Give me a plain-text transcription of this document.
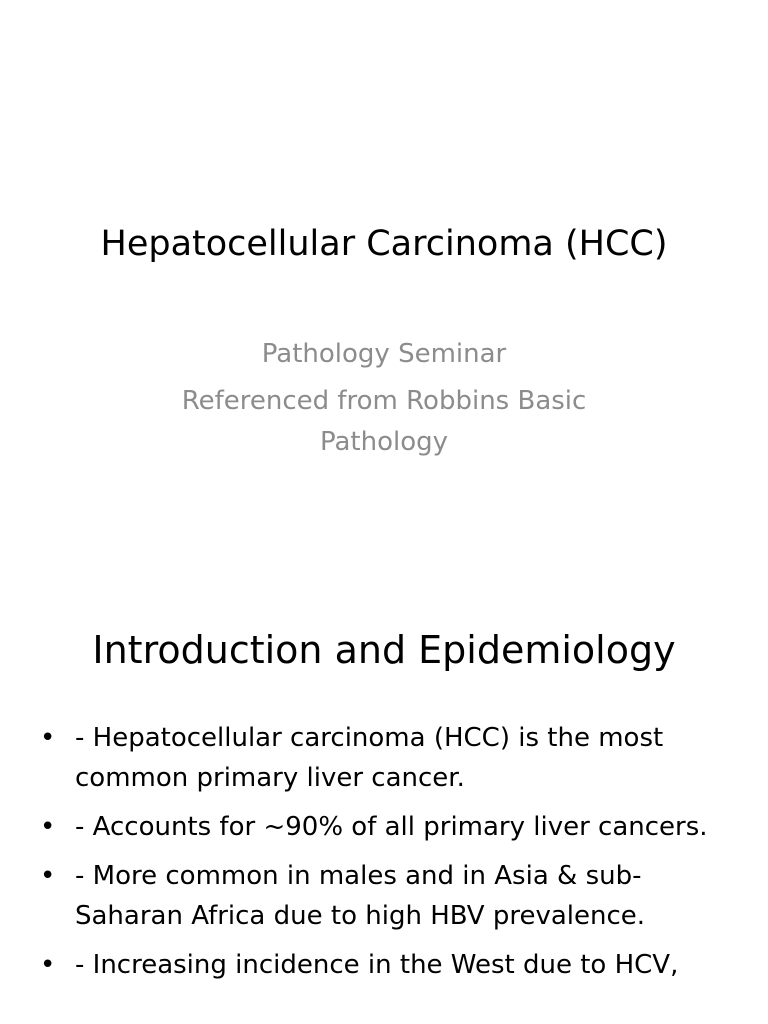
Hepatocellular Carcinoma (HCC)

Pathology Seminar

Referenced from Robbins Basic Pathology

Introduction and Epidemiology
• - Hepatocellular carcinoma (HCC) is the most common primary liver cancer.
• - Accounts for ~90% of all primary liver cancers.
• - More common in males and in Asia & sub-Saharan Africa due to high HBV prevalence.
• - Increasing incidence in the West due to HCV,
